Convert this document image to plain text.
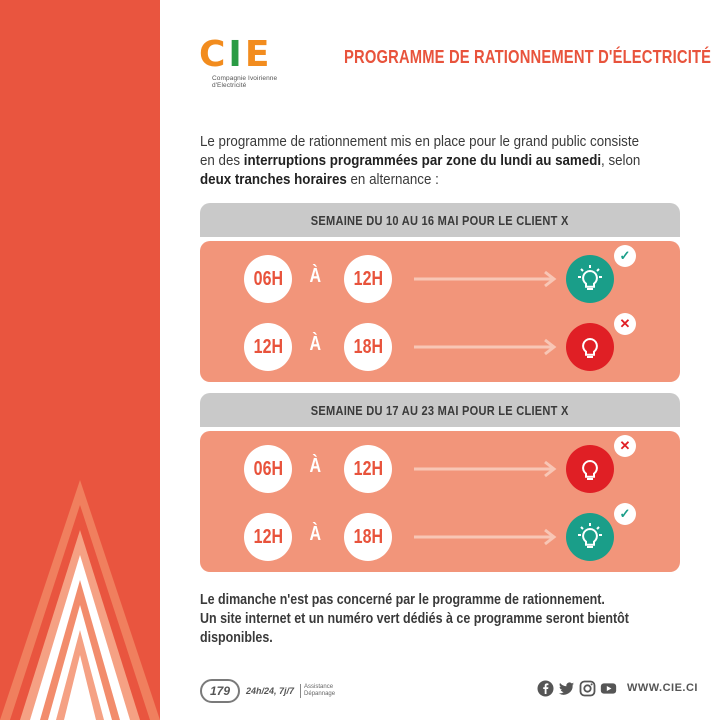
C I E
Compagnie Ivoirienne d'Electricité
PROGRAMME DE RATIONNEMENT D'ÉLECTRICITÉ

Le programme de rationnement mis en place pour le grand public consiste en des interruptions programmées par zone du lundi au samedi, selon deux tranches horaires en alternance :

SEMAINE DU 10 AU 16 MAI POUR LE CLIENT X
06H À 12H
✓
12H À 18H
✕
SEMAINE DU 17 AU 23 MAI POUR LE CLIENT X
06H À 12H
✕
12H À 18H
✓
Le dimanche n'est pas concerné par le programme de rationnement.
Un site internet et un numéro vert dédiés à ce programme seront bientôt disponibles.
179	24h/24, 7j/7 Assistance
Dépannage	WWW.CIE.CI
